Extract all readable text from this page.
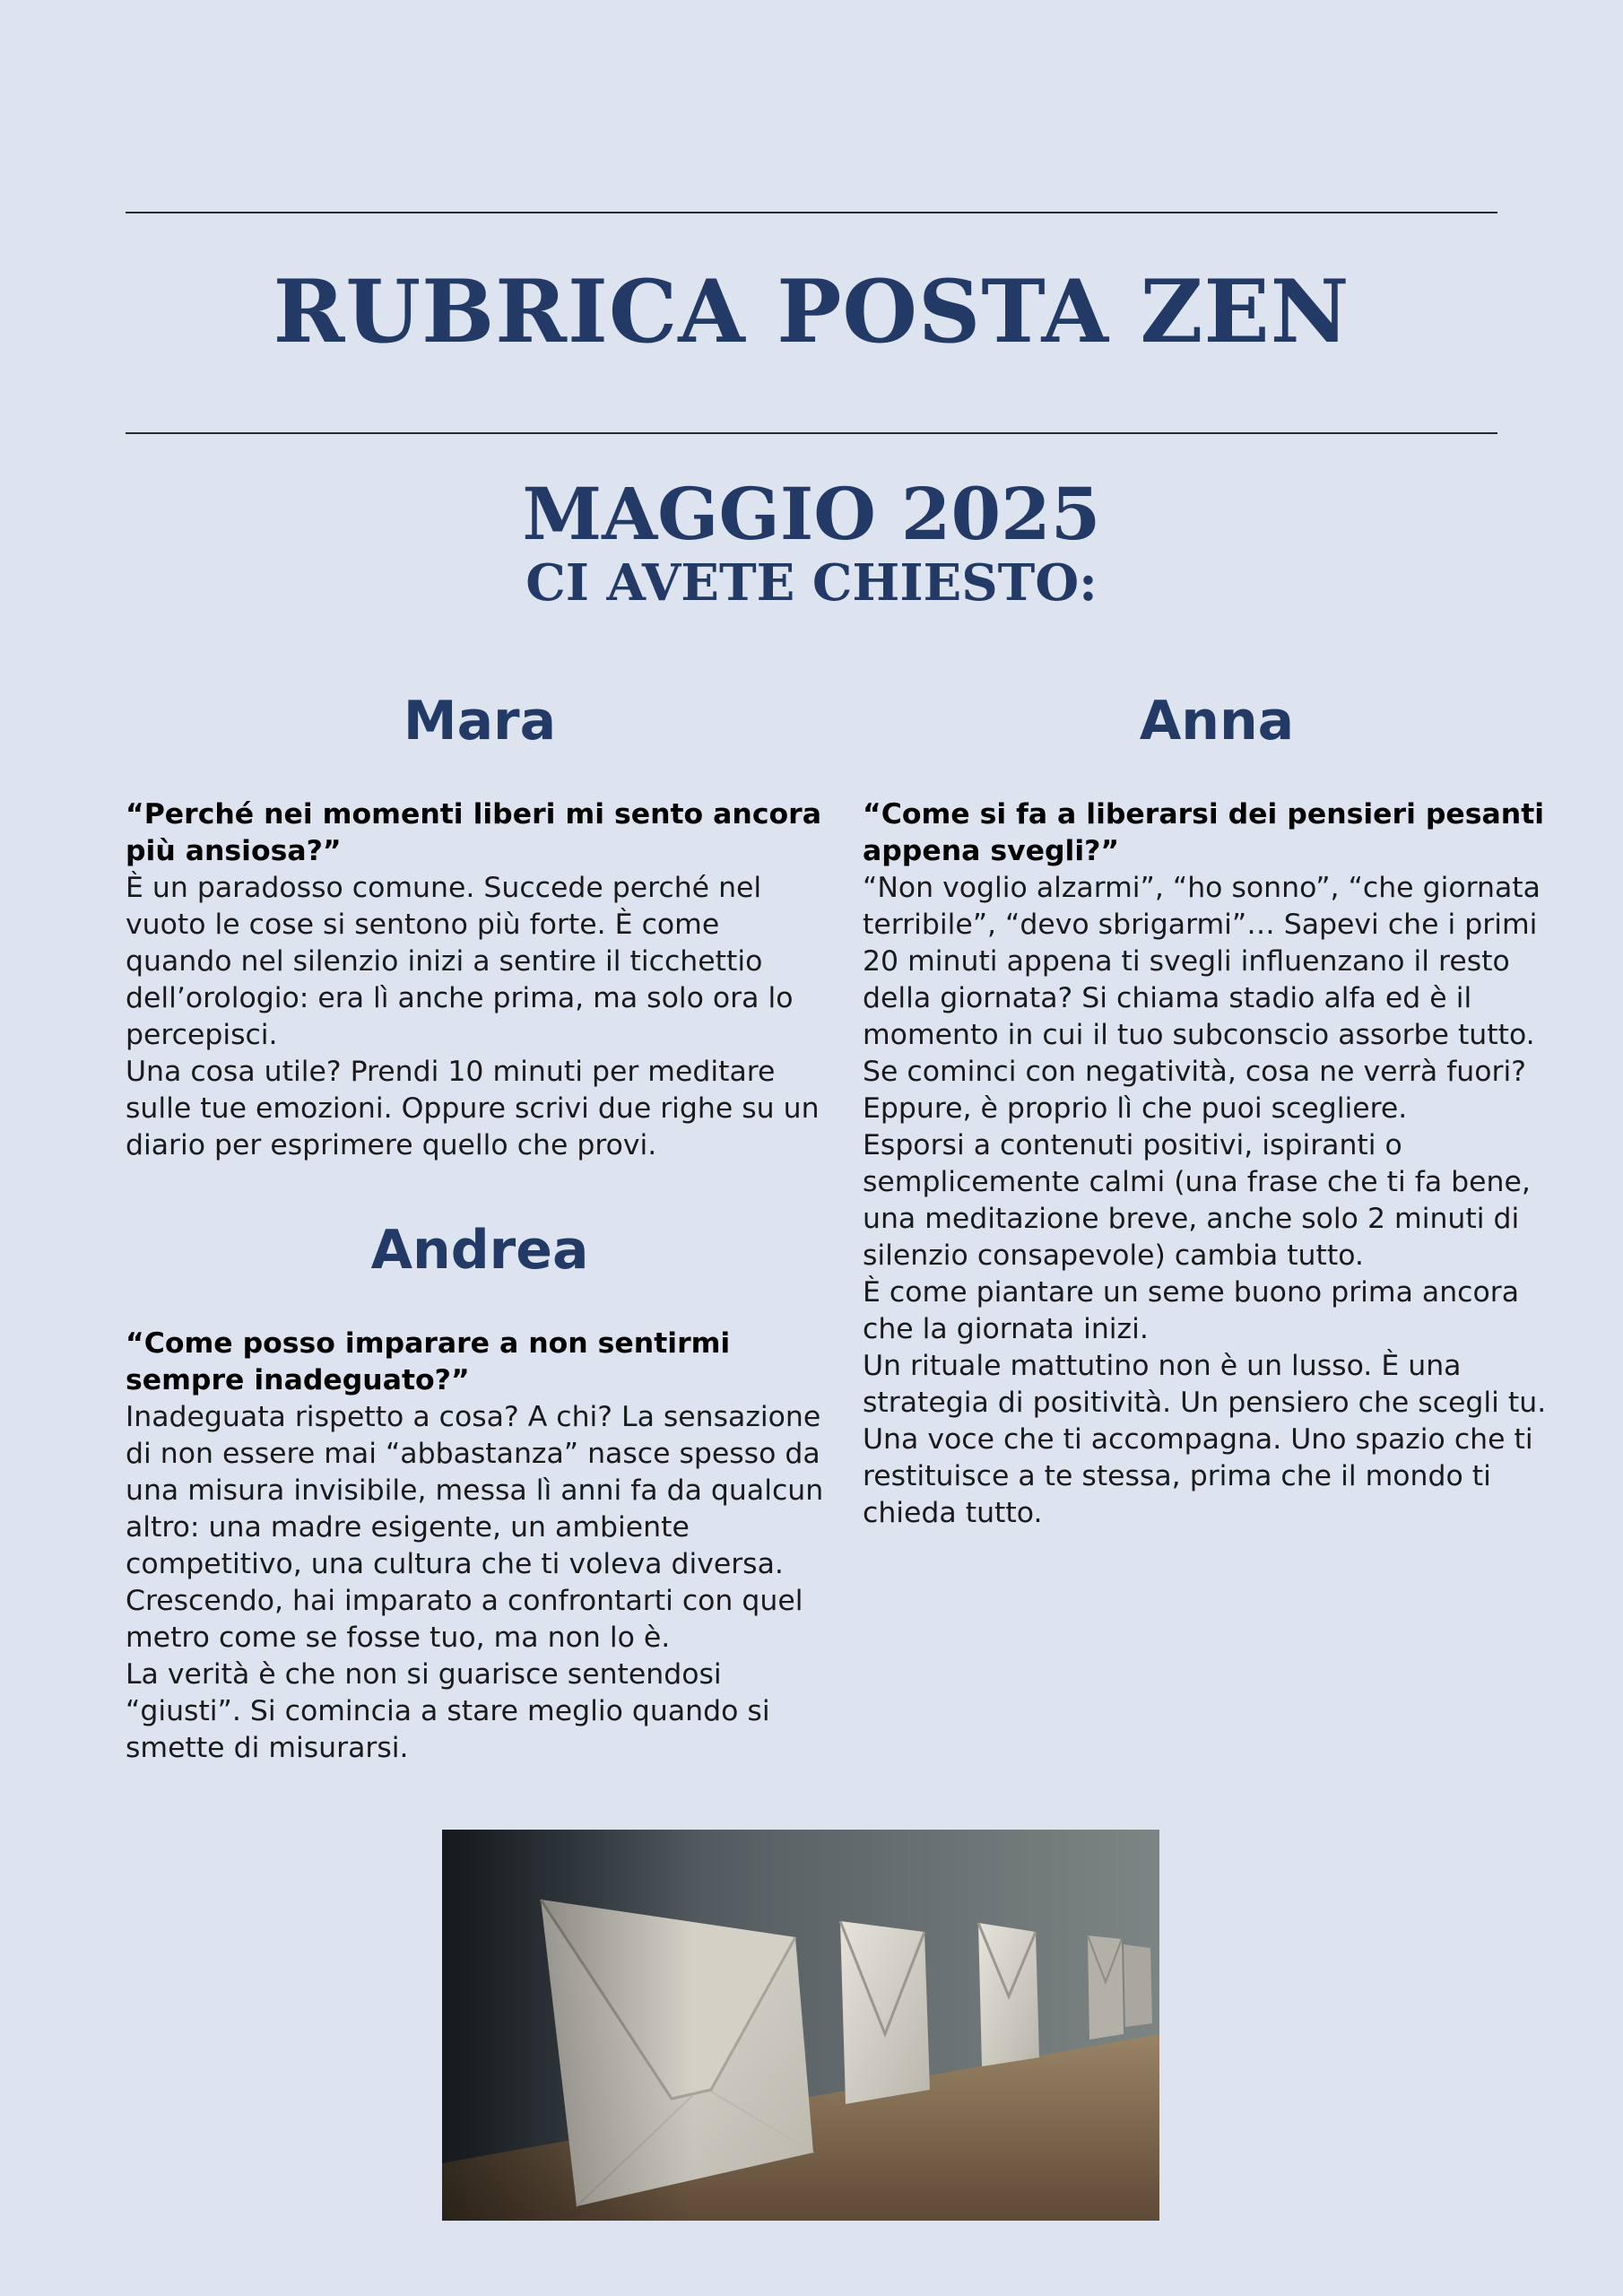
RUBRICA POSTA ZEN
MAGGIO 2025
CI AVETE CHIESTO:
Mara
“Perché nei momenti liberi mi sento ancora più ansiosa?”

È un paradosso comune. Succede perché nel vuoto le cose si sentono più forte. È come quando nel silenzio inizi a sentire il ticchettio dell’orologio: era lì anche prima, ma solo ora lo percepisci.

Una cosa utile? Prendi 10 minuti per meditare sulle tue emozioni. Oppure scrivi due righe su un diario per esprimere quello che provi.

Andrea
“Come posso imparare a non sentirmi sempre inadeguato?”

Inadeguata rispetto a cosa? A chi? La sensazione di non essere mai “abbastanza” nasce spesso da una misura invisibile, messa lì anni fa da qualcun altro: una madre esigente, un ambiente competitivo, una cultura che ti voleva diversa. Crescendo, hai imparato a confrontarti con quel metro come se fosse tuo, ma non lo è.

La verità è che non si guarisce sentendosi “giusti”. Si comincia a stare meglio quando si smette di misurarsi.

Anna
“Come si fa a liberarsi dei pensieri pesanti appena svegli?”

“Non voglio alzarmi”, “ho sonno”, “che giornata terribile”, “devo sbrigarmi”… Sapevi che i primi 20 minuti appena ti svegli influenzano il resto della giornata? Si chiama stadio alfa ed è il momento in cui il tuo subconscio assorbe tutto. Se cominci con negatività, cosa ne verrà fuori? Eppure, è proprio lì che puoi scegliere.

Esporsi a contenuti positivi, ispiranti o semplicemente calmi (una frase che ti fa bene, una meditazione breve, anche solo 2 minuti di silenzio consapevole) cambia tutto.

È come piantare un seme buono prima ancora che la giornata inizi.

Un rituale mattutino non è un lusso. È una strategia di positività. Un pensiero che scegli tu. Una voce che ti accompagna. Uno spazio che ti restituisce a te stessa, prima che il mondo ti chieda tutto.
